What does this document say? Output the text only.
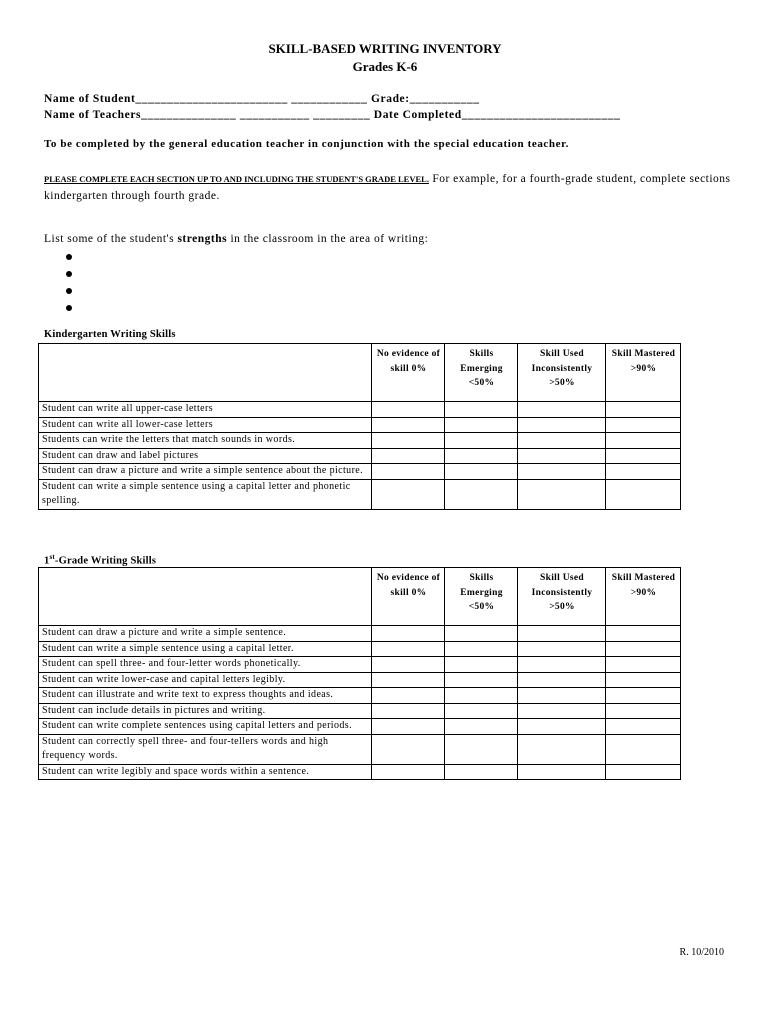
SKILL-BASED WRITING INVENTORY
Grades K-6
Name of Student________________________ ____________ Grade:___________
Name of Teachers_______________ ___________ _________ Date Completed_________________________
To be completed by the general education teacher in conjunction with the special education teacher.
PLEASE COMPLETE EACH SECTION UP TO AND INCLUDING THE STUDENT'S GRADE LEVEL. For example, for a fourth-grade student, complete sections kindergarten through fourth grade.
List some of the student's strengths in the classroom in the area of writing:
Kindergarten Writing Skills
	No evidence of skill 0%	Skills Emerging <50%	Skill Used Inconsistently >50%	Skill Mastered >90%
Student can write all upper-case letters				
Student can write all lower-case letters				
Students can write the letters that match sounds in words.				
Student can draw and label pictures				
Student can draw a picture and write a simple sentence about the picture.				
Student can write a simple sentence using a capital letter and phonetic spelling.				
1st-Grade Writing Skills
	No evidence of skill 0%	Skills Emerging <50%	Skill Used Inconsistently >50%	Skill Mastered >90%
Student can draw a picture and write a simple sentence.				
Student can write a simple sentence using a capital letter.				
Student can spell three- and four-letter words phonetically.				
Student can write lower-case and capital letters legibly.				
Student can illustrate and write text to express thoughts and ideas.				
Student can include details in pictures and writing.				
Student can write complete sentences using capital letters and periods.				
Student can correctly spell three- and four-tellers words and high frequency words.				
Student can write legibly and space words within a sentence.				
R. 10/2010
